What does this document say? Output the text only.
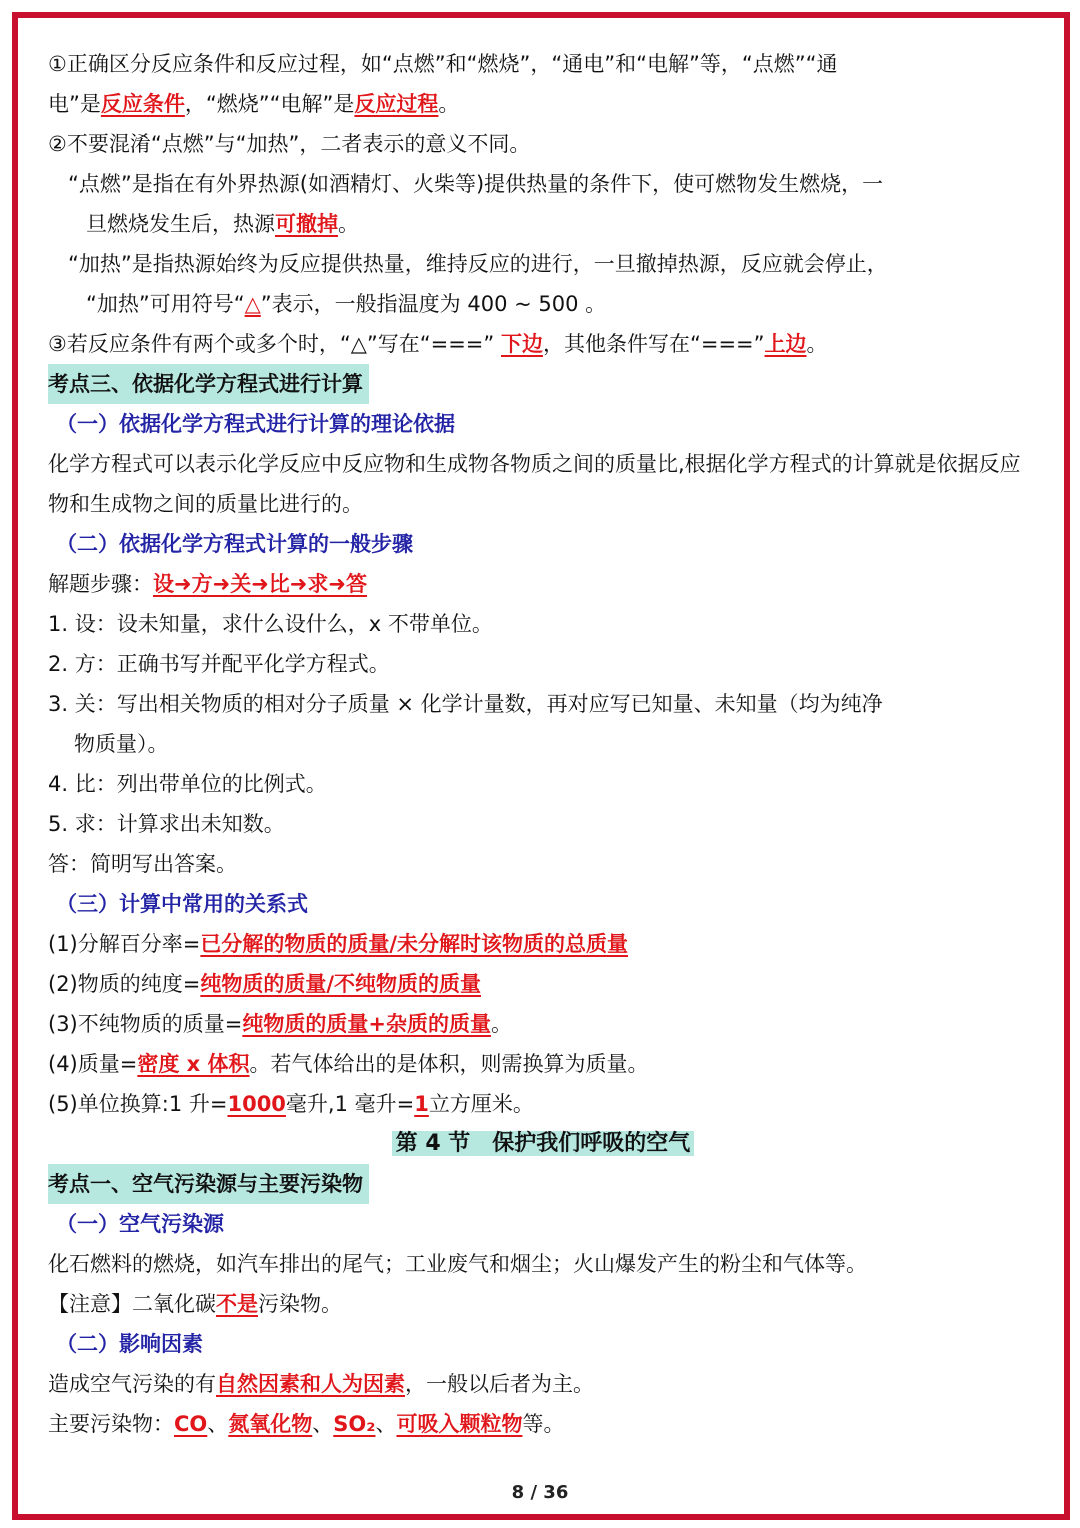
①正确区分反应条件和反应过程，如“点燃”和“燃烧”，“通电”和“电解”等，“点燃”“通
电”是反应条件，“燃烧”“电解”是反应过程。
②不要混淆“点燃”与“加热”，二者表示的意义不同。
“点燃”是指在有外界热源(如酒精灯、火柴等)提供热量的条件下，使可燃物发生燃烧，一
旦燃烧发生后，热源可撤掉。
“加热”是指热源始终为反应提供热量，维持反应的进行，一旦撤掉热源，反应就会停止，
“加热”可用符号“△”表示，一般指温度为 400 ~ 500 。
③若反应条件有两个或多个时，“△”写在“===” 下边，其他条件写在“===”上边。
考点三、依据化学方程式进行计算
（一）依据化学方程式进行计算的理论依据
化学方程式可以表示化学反应中反应物和生成物各物质之间的质量比,根据化学方程式的计算就是依据反应物和生成物之间的质量比进行的。
（二）依据化学方程式计算的一般步骤
解题步骤：设➜方➜关➜比➜求➜答
1. 设：设未知量，求什么设什么，x 不带单位。
2. 方：正确书写并配平化学方程式。
3. 关：写出相关物质的相对分子质量 × 化学计量数，再对应写已知量、未知量（均为纯净
物质量）。
4. 比：列出带单位的比例式。
5. 求：计算求出未知数。
答：简明写出答案。
（三）计算中常用的关系式
(1)分解百分率=已分解的物质的质量/未分解时该物质的总质量
(2)物质的纯度=纯物质的质量/不纯物质的质量
(3)不纯物质的质量=纯物质的质量+杂质的质量。
(4)质量=密度 x 体积。若气体给出的是体积，则需换算为质量。
(5)单位换算:1 升=1000毫升,1 毫升=1立方厘米。
第 4 节　保护我们呼吸的空气
考点一、空气污染源与主要污染物
（一）空气污染源
化石燃料的燃烧，如汽车排出的尾气；工业废气和烟尘；火山爆发产生的粉尘和气体等。
【注意】二氧化碳不是污染物。
（二）影响因素
造成空气污染的有自然因素和人为因素，一般以后者为主。
主要污染物：CO、氮氧化物、SO₂、可吸入颗粒物等。
8 / 36
